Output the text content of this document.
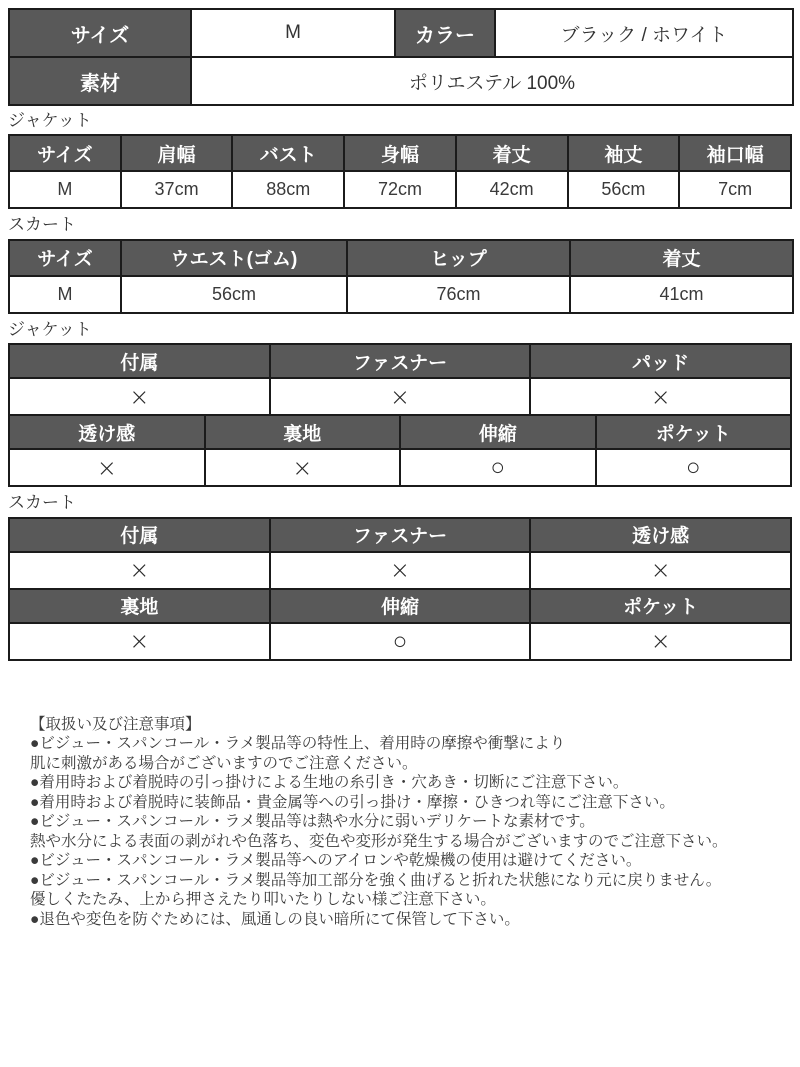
サイズ	M	カラー	ブラック / ホワイト
素材	ポリエステル 100%		
ジャケット
サイズ	肩幅	バスト	身幅	着丈	袖丈	袖口幅
M	37cm	88cm	72cm	42cm	56cm	7cm
スカート
サイズ	ウエスト(ゴム)	ヒップ	着丈
M	56cm	76cm	41cm
ジャケット
付属	ファスナー	パッド
×	×	×
透け感	裏地	伸縮	ポケット
×	×	○	○
スカート
付属	ファスナー	透け感
×	×	×
裏地	伸縮	ポケット
×	○	×
【取扱い及び注意事項】
●ビジュー・スパンコール・ラメ製品等の特性上、着用時の摩擦や衝撃により
肌に刺激がある場合がございますのでご注意ください。
●着用時および着脱時の引っ掛けによる生地の糸引き・穴あき・切断にご注意下さい。
●着用時および着脱時に装飾品・貴金属等への引っ掛け・摩擦・ひきつれ等にご注意下さい。
●ビジュー・スパンコール・ラメ製品等は熱や水分に弱いデリケートな素材です。
熱や水分による表面の剥がれや色落ち、変色や変形が発生する場合がございますのでご注意下さい。
●ビジュー・スパンコール・ラメ製品等へのアイロンや乾燥機の使用は避けてください。
●ビジュー・スパンコール・ラメ製品等加工部分を強く曲げると折れた状態になり元に戻りません。
優しくたたみ、上から押さえたり叩いたりしない様ご注意下さい。
●退色や変色を防ぐためには、風通しの良い暗所にて保管して下さい。
